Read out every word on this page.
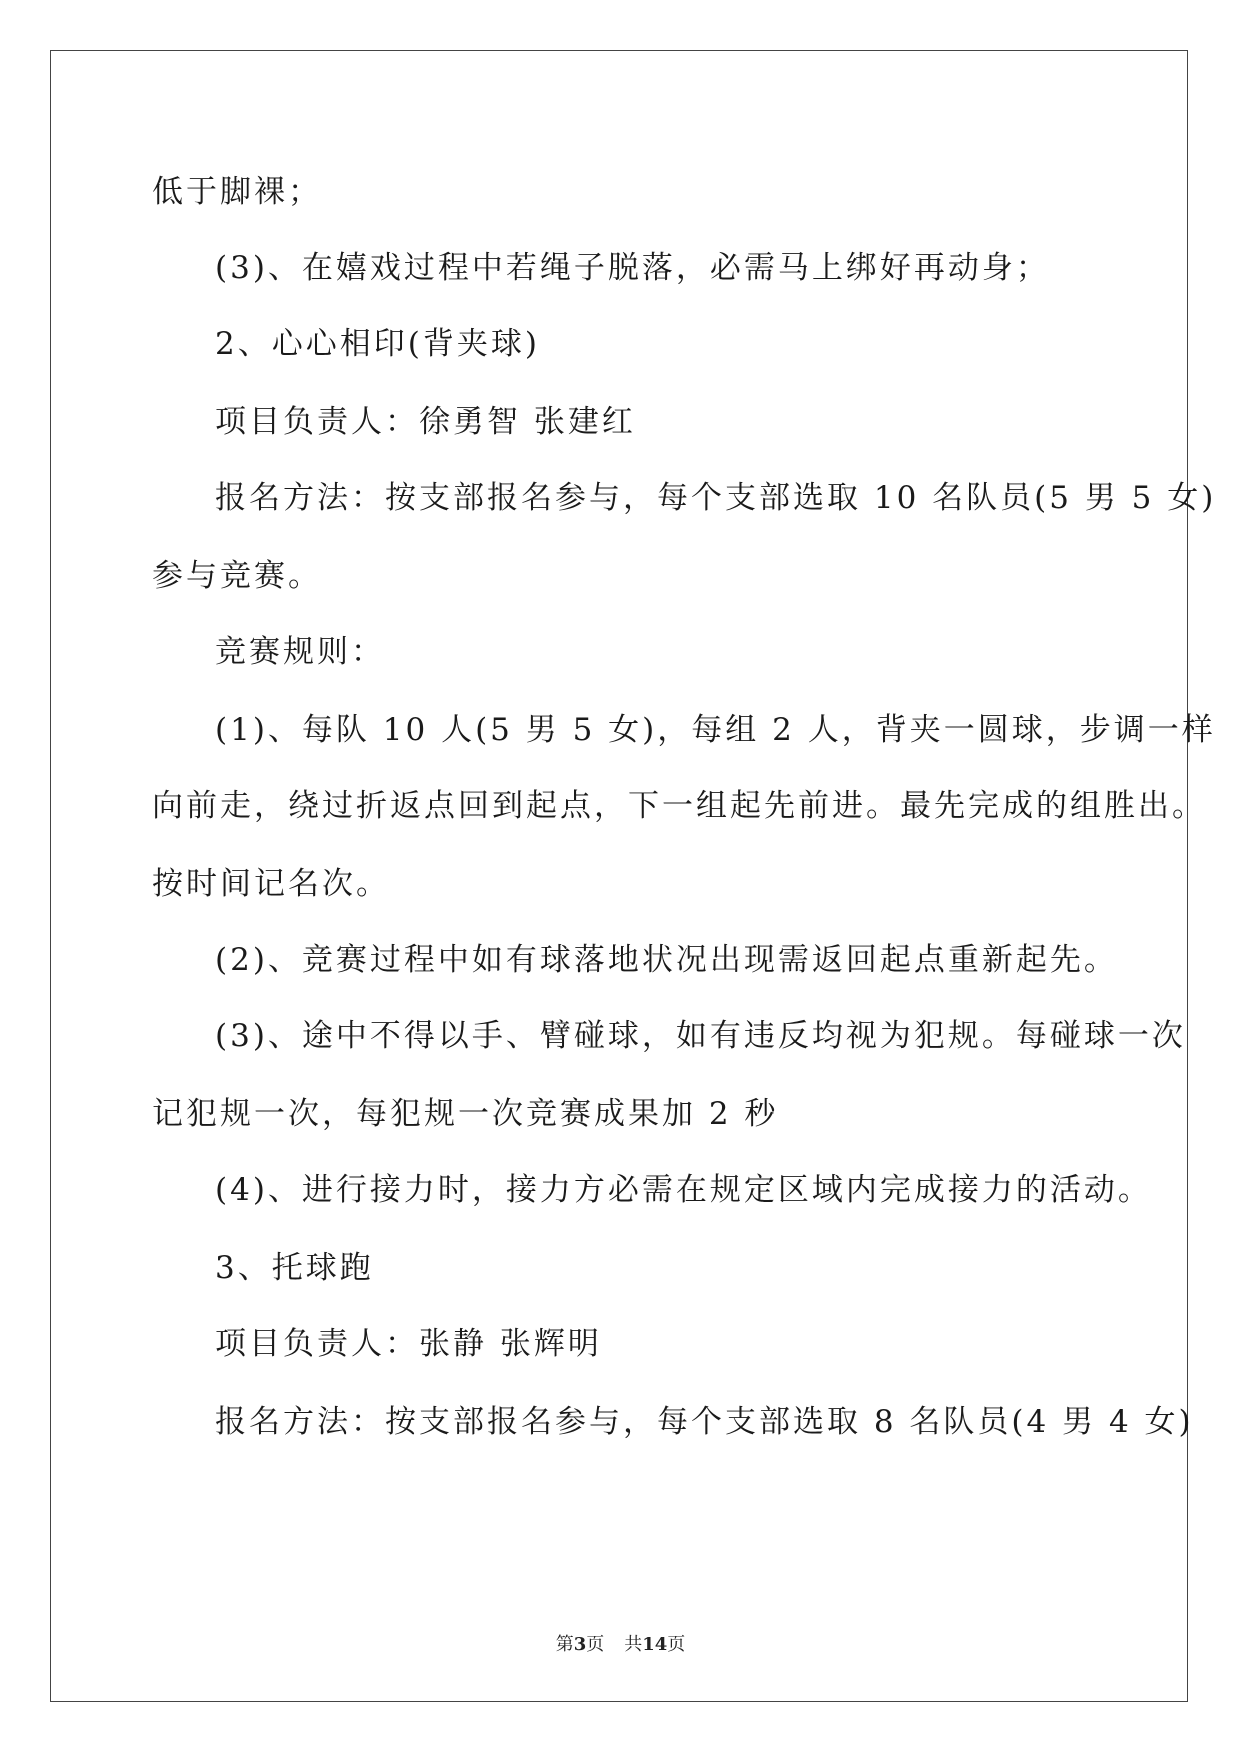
低于脚裸；
(3)、在嬉戏过程中若绳子脱落，必需马上绑好再动身；
2、心心相印(背夹球)
项目负责人：徐勇智 张建红
报名方法：按支部报名参与，每个支部选取 10 名队员(5 男 5 女)
参与竞赛。
竞赛规则：
(1)、每队 10 人(5 男 5 女)，每组 2 人，背夹一圆球，步调一样
向前走，绕过折返点回到起点，下一组起先前进。最先完成的组胜出。
按时间记名次。
(2)、竞赛过程中如有球落地状况出现需返回起点重新起先。
(3)、途中不得以手、臂碰球，如有违反均视为犯规。每碰球一次
记犯规一次，每犯规一次竞赛成果加 2 秒
(4)、进行接力时，接力方必需在规定区域内完成接力的活动。
3、托球跑
项目负责人：张静 张辉明
报名方法：按支部报名参与，每个支部选取 8 名队员(4 男 4 女)
第3页 共14页
